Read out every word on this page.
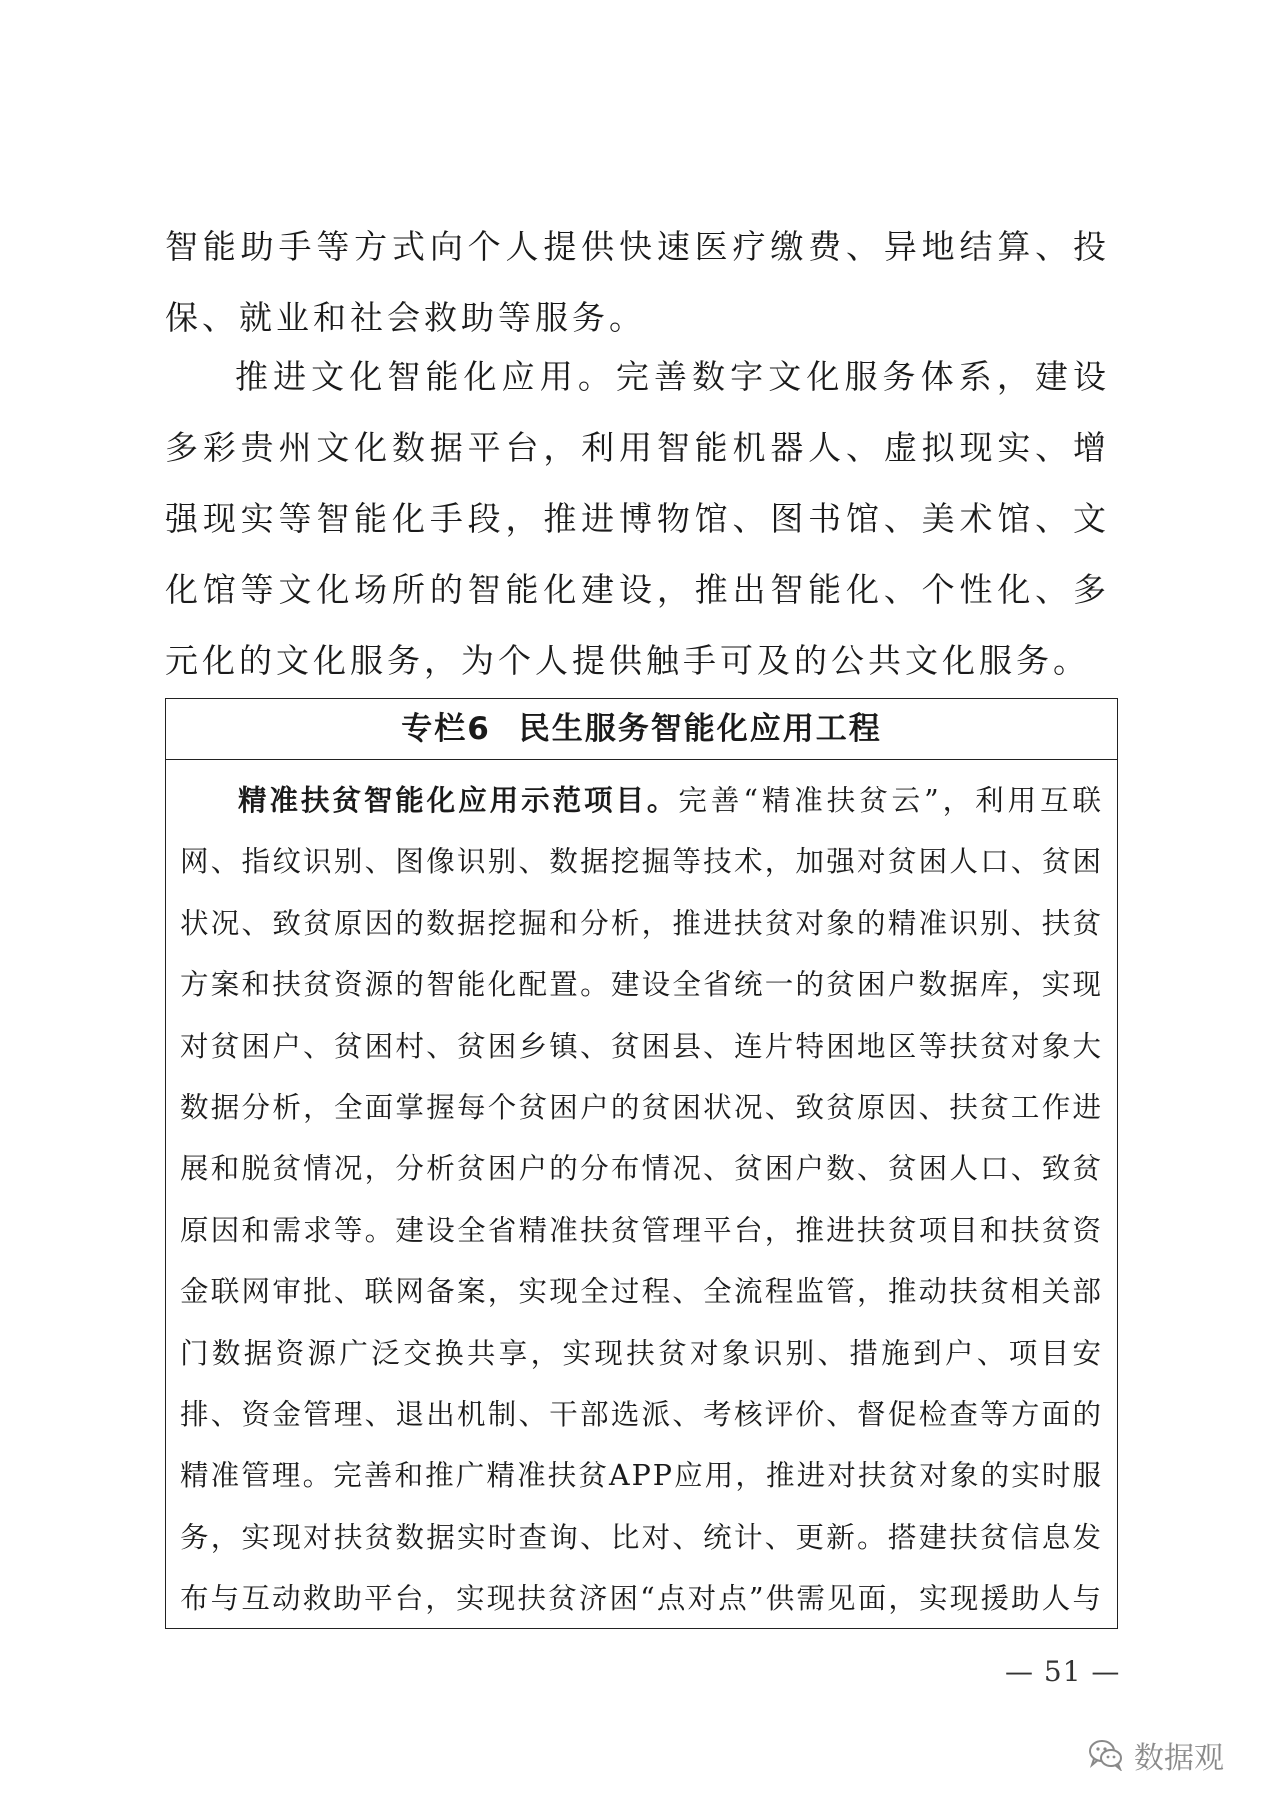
智能助手等方式向个人提供快速医疗缴费、异地结算、投保、就业和社会救助等服务。

推进文化智能化应用。完善数字文化服务体系，建设多彩贵州文化数据平台，利用智能机器人、虚拟现实、增强现实等智能化手段，推进博物馆、图书馆、美术馆、文化馆等文化场所的智能化建设，推出智能化、个性化、多元化的文化服务，为个人提供触手可及的公共文化服务。

专栏6 民生服务智能化应用工程
精准扶贫智能化应用示范项目。完善“精准扶贫云”，利用互联网、指纹识别、图像识别、数据挖掘等技术，加强对贫困人口、贫困状况、致贫原因的数据挖掘和分析，推进扶贫对象的精准识别、扶贫方案和扶贫资源的智能化配置。建设全省统一的贫困户数据库，实现对贫困户、贫困村、贫困乡镇、贫困县、连片特困地区等扶贫对象大数据分析，全面掌握每个贫困户的贫困状况、致贫原因、扶贫工作进展和脱贫情况，分析贫困户的分布情况、贫困户数、贫困人口、致贫原因和需求等。建设全省精准扶贫管理平台，推进扶贫项目和扶贫资金联网审批、联网备案，实现全过程、全流程监管，推动扶贫相关部门数据资源广泛交换共享，实现扶贫对象识别、措施到户、项目安排、资金管理、退出机制、干部选派、考核评价、督促检查等方面的精准管理。完善和推广精准扶贫APP应用，推进对扶贫对象的实时服务，实现对扶贫数据实时查询、比对、统计、更新。搭建扶贫信息发布与互动救助平台，实现扶贫济困“点对点”供需见面，实现援助人与
— 51 —
数据观
